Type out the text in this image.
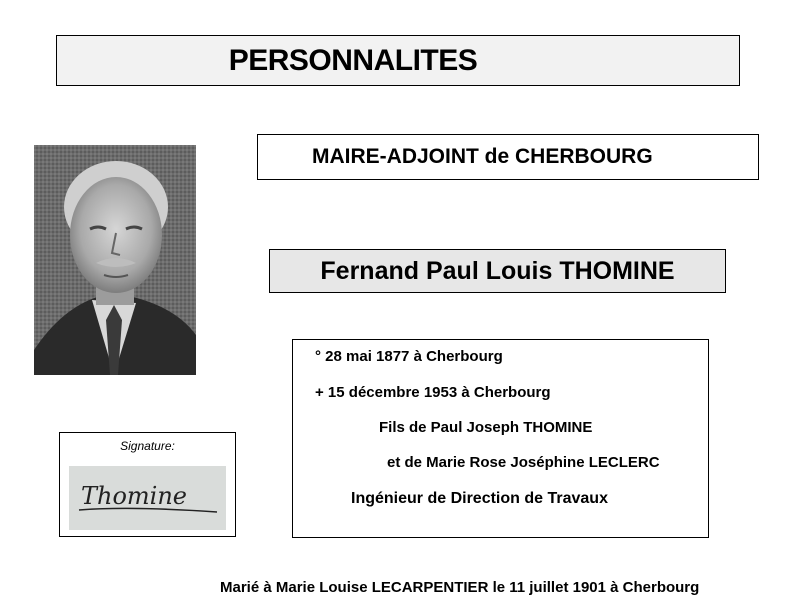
PERSONNALITES
MAIRE-ADJOINT de CHERBOURG
Fernand Paul Louis THOMINE
° 28 mai 1877 à Cherbourg
+ 15 décembre 1953 à Cherbourg
Fils de Paul Joseph THOMINE
et de Marie Rose Joséphine LECLERC
Ingénieur de Direction de Travaux
Signature:
Thomine
Marié à Marie Louise LECARPENTIER le 11 juillet 1901 à Cherbourg
